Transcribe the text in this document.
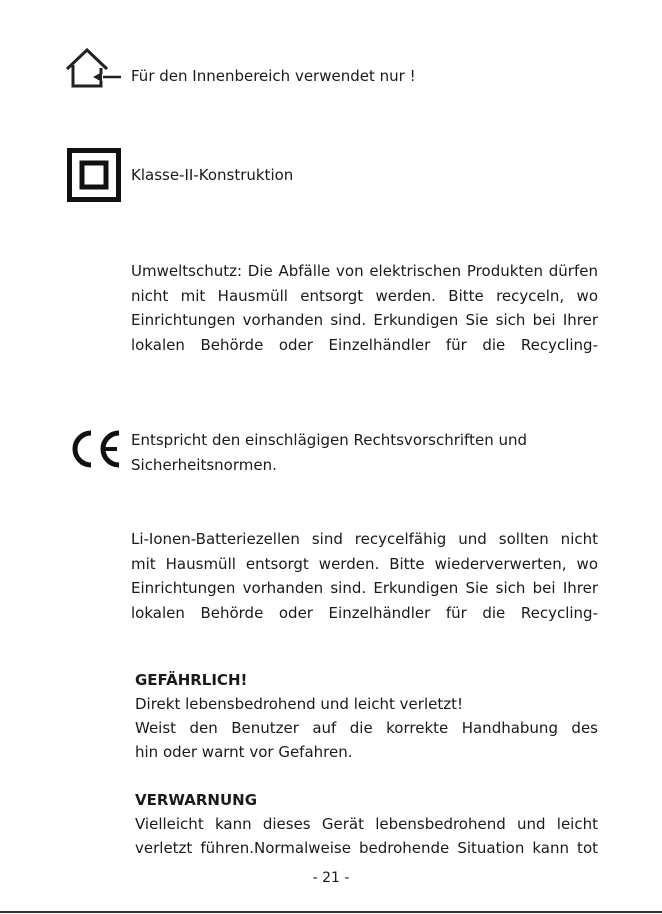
Für den Innenbereich verwendet nur !
Klasse-II-Konstruktion
Umweltschutz: Die Abfälle von elektrischen Produkten dürfen
nicht mit Hausmüll entsorgt werden. Bitte recyceln, wo
Einrichtungen vorhanden sind. Erkundigen Sie sich bei Ihrer
lokalen Behörde oder Einzelhändler für die Recycling-
Entspricht den einschlägigen Rechtsvorschriften und
Sicherheitsnormen.
Li-Ionen-Batteriezellen sind recycelfähig und sollten nicht
mit Hausmüll entsorgt werden. Bitte wiederverwerten, wo
Einrichtungen vorhanden sind. Erkundigen Sie sich bei Ihrer
lokalen Behörde oder Einzelhändler für die Recycling-
GEFÄHRLICH!
Direkt lebensbedrohend und leicht verletzt!
Weist den Benutzer auf die korrekte Handhabung des
hin oder warnt vor Gefahren.
VERWARNUNG
Vielleicht kann dieses Gerät lebensbedrohend und leicht
verletzt führen.Normalweise bedrohende Situation kann tot
- 21 -
